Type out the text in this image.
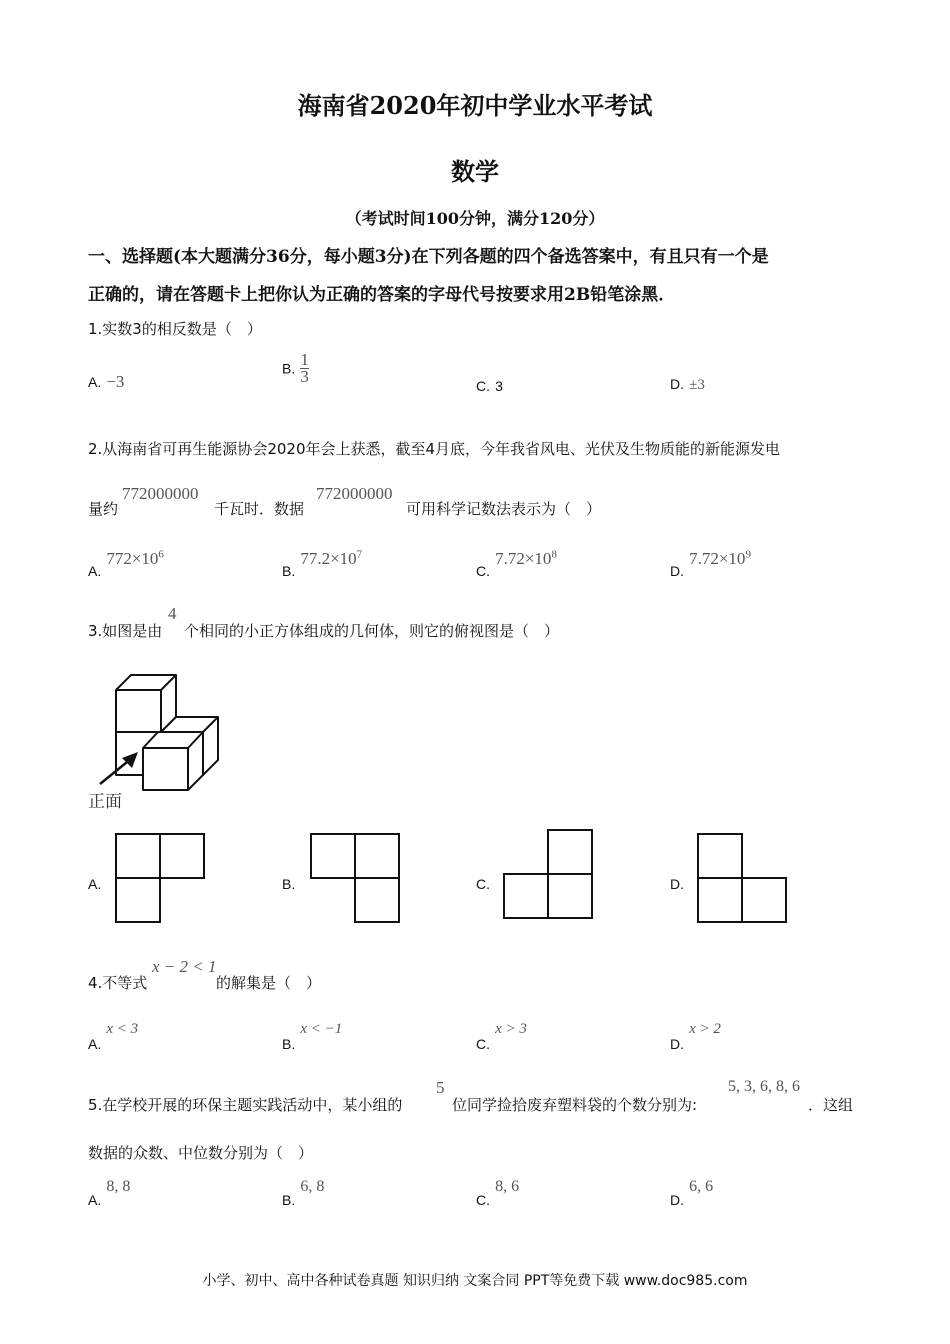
海南省2020年初中学业水平考试
数学
（考试时间100分钟，满分120分）
一、选择题(本大题满分36分，每小题3分)在下列各题的四个备选答案中，有且只有一个是
正确的，请在答题卡上把你认为正确的答案的字母代号按要求用2B铅笔涂黑．
1.实数3的相反数是（　）
A. −3
B. $\frac{1}{3}$
C. 3	D. ±3
2.从海南省可再生能源协会2020年会上获悉，截至4月底，今年我省风电、光伏及生物质能的新能源发电
量约
772000000
千瓦时．数据
772000000
可用科学记数法表示为（　）
A. $772\times 10^6$
B. $77.2\times 10^7$
C. $7.72\times 10^8$
D. $7.72\times 10^9$
3.如图是由
4
个相同的小正方体组成的几何体，则它的俯视图是（　）
正面
A.	B.	C.	D.
4.不等式
x − 2 < 1
的解集是（　）
A. x < 3
B. x < −1
C. x > 3
D. x > 2
5.在学校开展的环保主题实践活动中，某小组的
5
位同学捡拾废弃塑料袋的个数分别为:
5, 3, 6, 8, 6
．这组
数据的众数、中位数分别为（　）
A. 8, 8
B. 6, 8
C. 8, 6
D. 6, 6
小学、初中、高中各种试卷真题 知识归纳 文案合同 PPT等免费下载 www.doc985.com
